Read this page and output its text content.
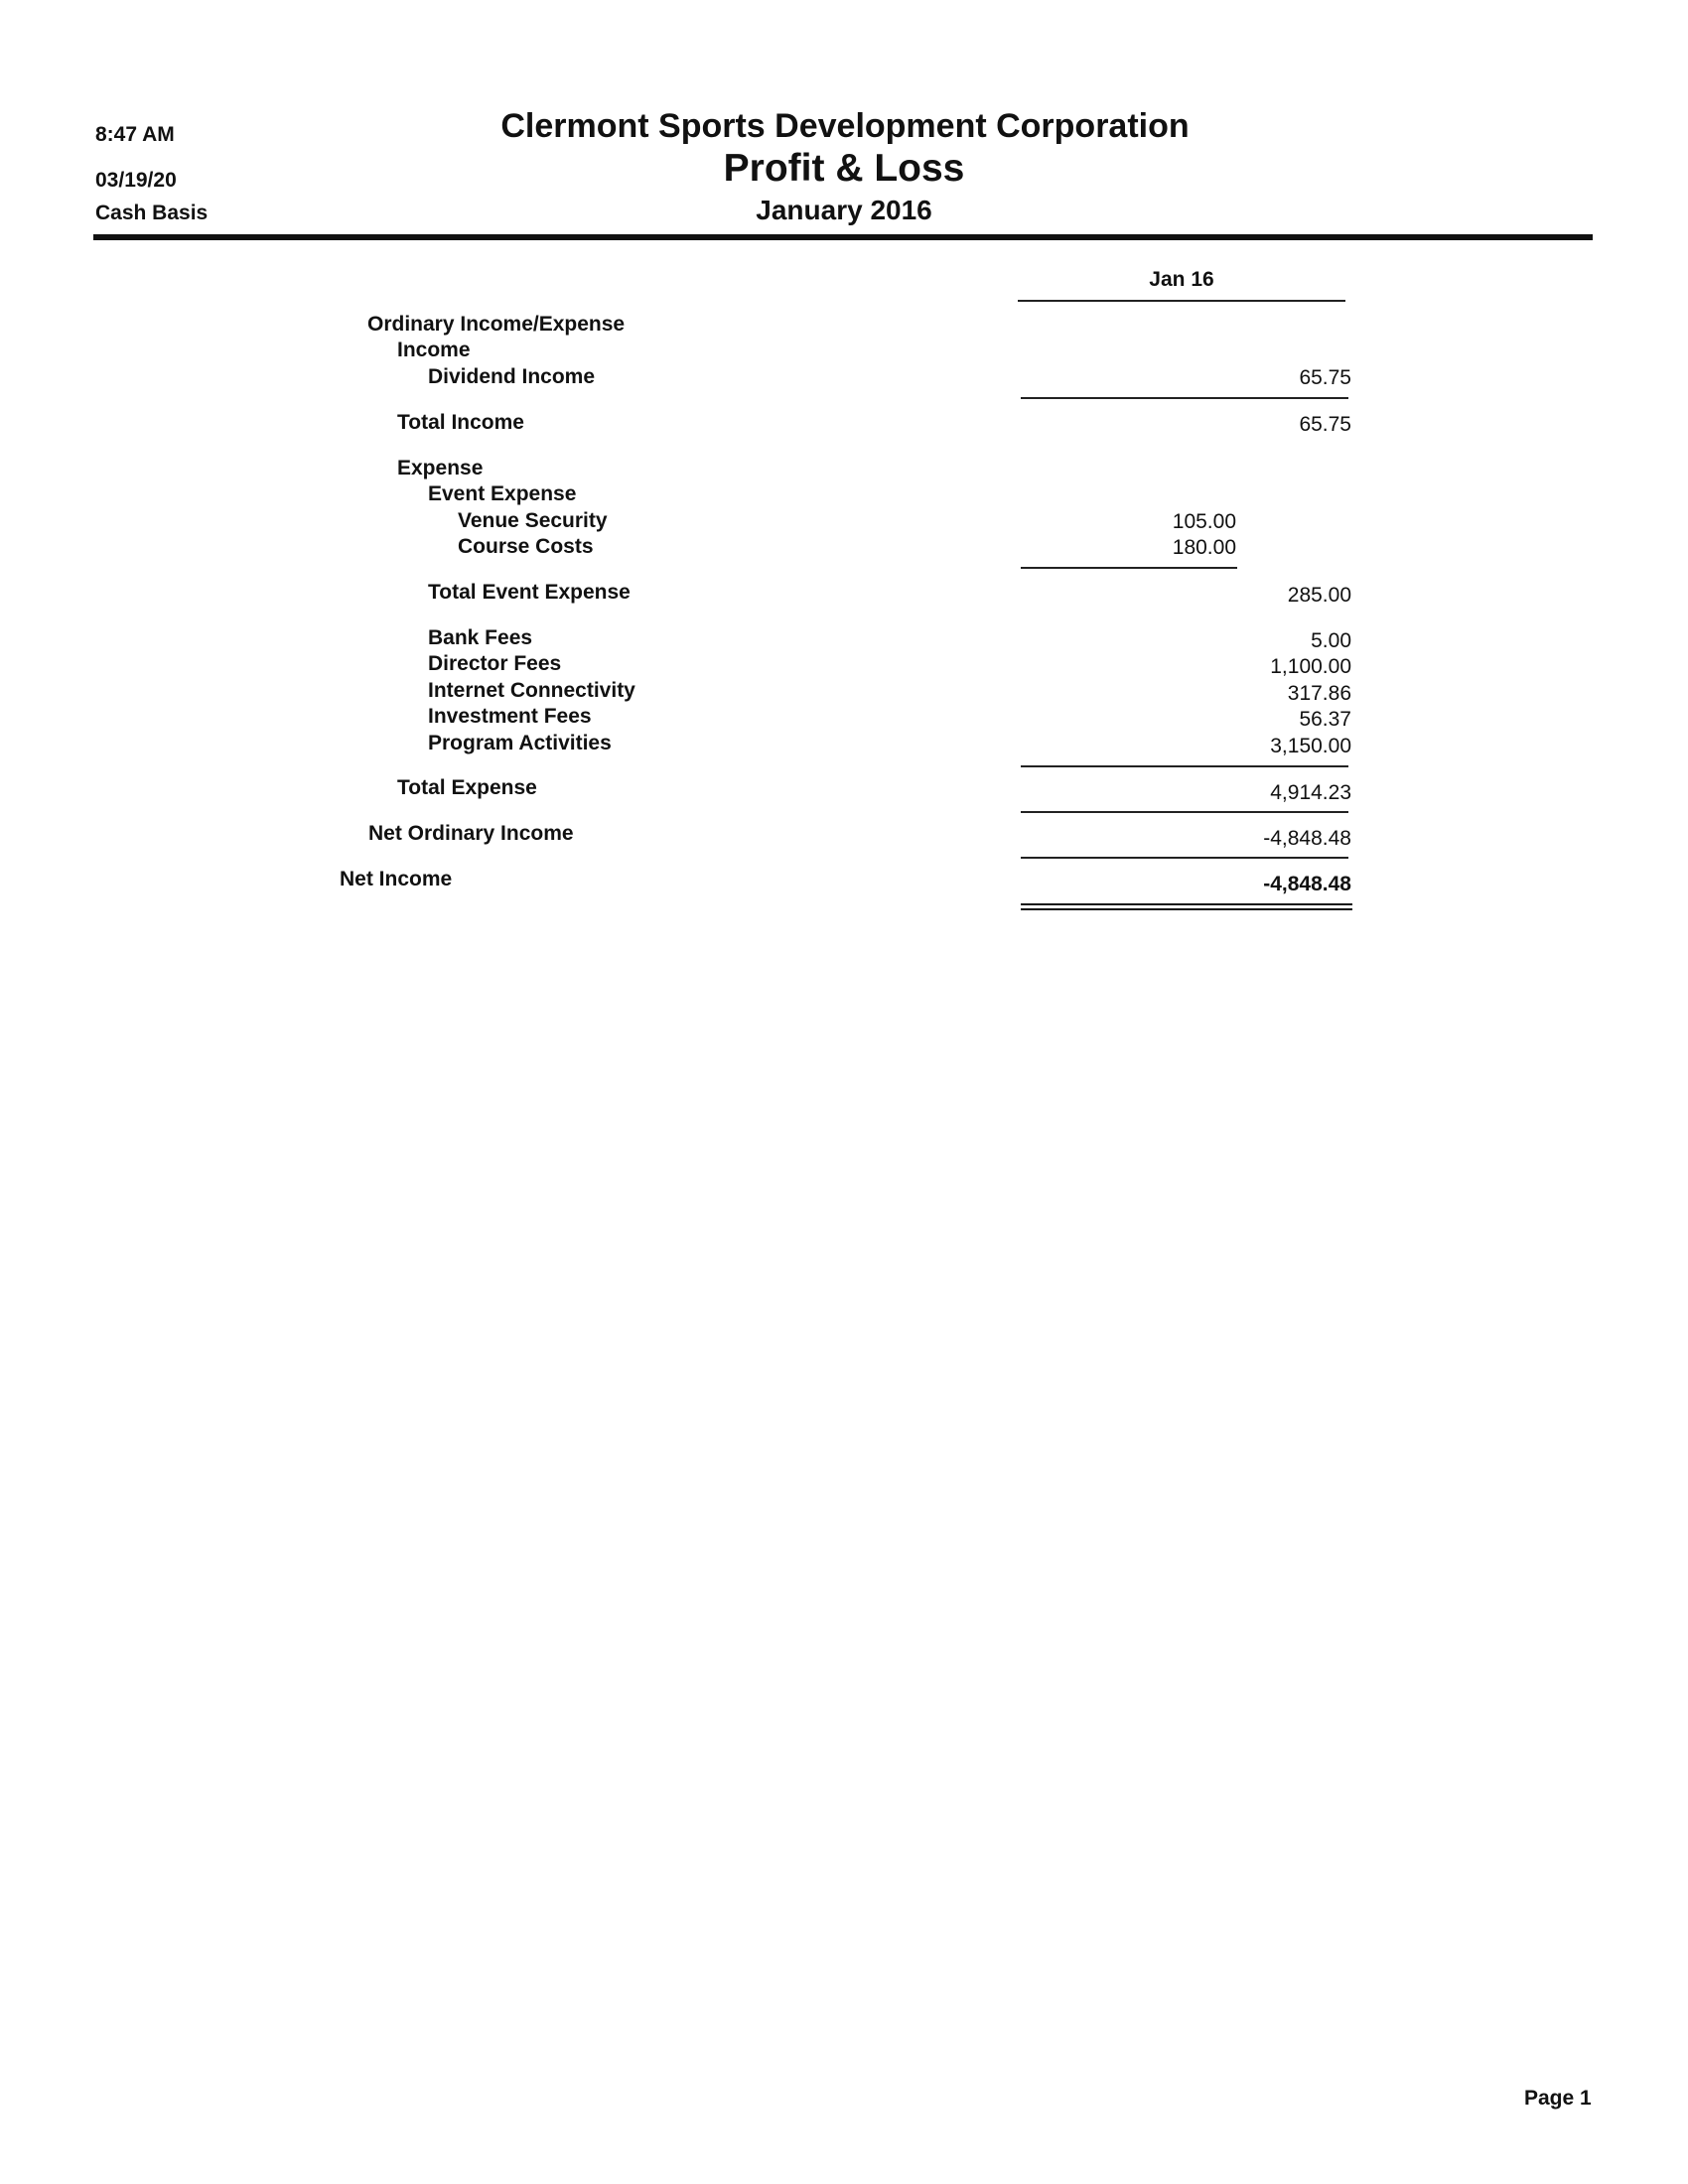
8:47 AM
03/19/20
Cash Basis
Clermont Sports Development Corporation
Profit & Loss
January 2016
Jan 16
Ordinary Income/Expense
Income
Dividend Income	65.75
Total Income	65.75
Expense
Event Expense
Venue Security	105.00
Course Costs	180.00
Total Event Expense	285.00
Bank Fees	5.00
Director Fees	1,100.00
Internet Connectivity	317.86
Investment Fees	56.37
Program Activities	3,150.00
Total Expense	4,914.23
Net Ordinary Income	-4,848.48
Net Income	-4,848.48
Page 1
